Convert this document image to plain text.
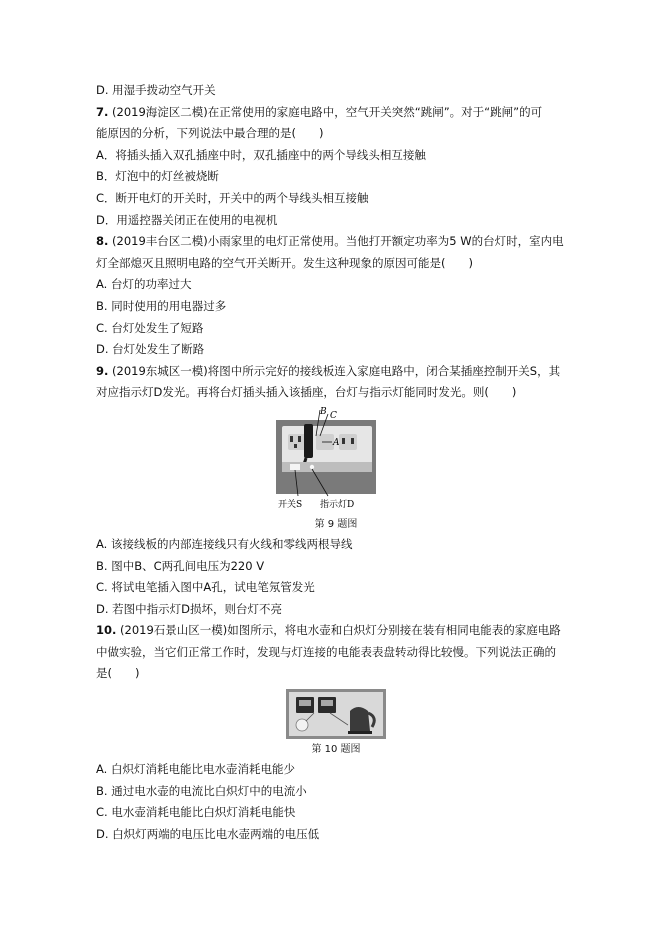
D. 用湿手拨动空气开关
7. (2019海淀区二模)在正常使用的家庭电路中，空气开关突然“跳闸”。对于“跳闸”的可
能原因的分析，下列说法中最合理的是(　　)
A．将插头插入双孔插座中时，双孔插座中的两个导线头相互接触
B．灯泡中的灯丝被烧断
C．断开电灯的开关时，开关中的两个导线头相互接触
D．用遥控器关闭正在使用的电视机
8. (2019丰台区二模)小雨家里的电灯正常使用。当他打开额定功率为5 W的台灯时，室内电
灯全部熄灭且照明电路的空气开关断开。发生这种现象的原因可能是(　　)
A. 台灯的功率过大
B. 同时使用的用电器过多
C. 台灯处发生了短路
D. 台灯处发生了断路
9. (2019东城区一模)将图中所示完好的接线板连入家庭电路中，闭合某插座控制开关S，其
对应指示灯D发光。再将台灯插头插入该插座，台灯与指示灯能同时发光。则(　　)
B C
A
开关S 指示灯D
第 9 题图
A. 该接线板的内部连接线只有火线和零线两根导线
B. 图中B、C两孔间电压为220 V
C. 将试电笔插入图中A孔，试电笔氖管发光
D. 若图中指示灯D损坏，则台灯不亮
10. (2019石景山区一模)如图所示，将电水壶和白炽灯分别接在装有相同电能表的家庭电路
中做实验，当它们正常工作时，发现与灯连接的电能表表盘转动得比较慢。下列说法正确的
是(　　)
第 10 题图
A. 白炽灯消耗电能比电水壶消耗电能少
B. 通过电水壶的电流比白炽灯中的电流小
C. 电水壶消耗电能比白炽灯消耗电能快
D. 白炽灯两端的电压比电水壶两端的电压低
